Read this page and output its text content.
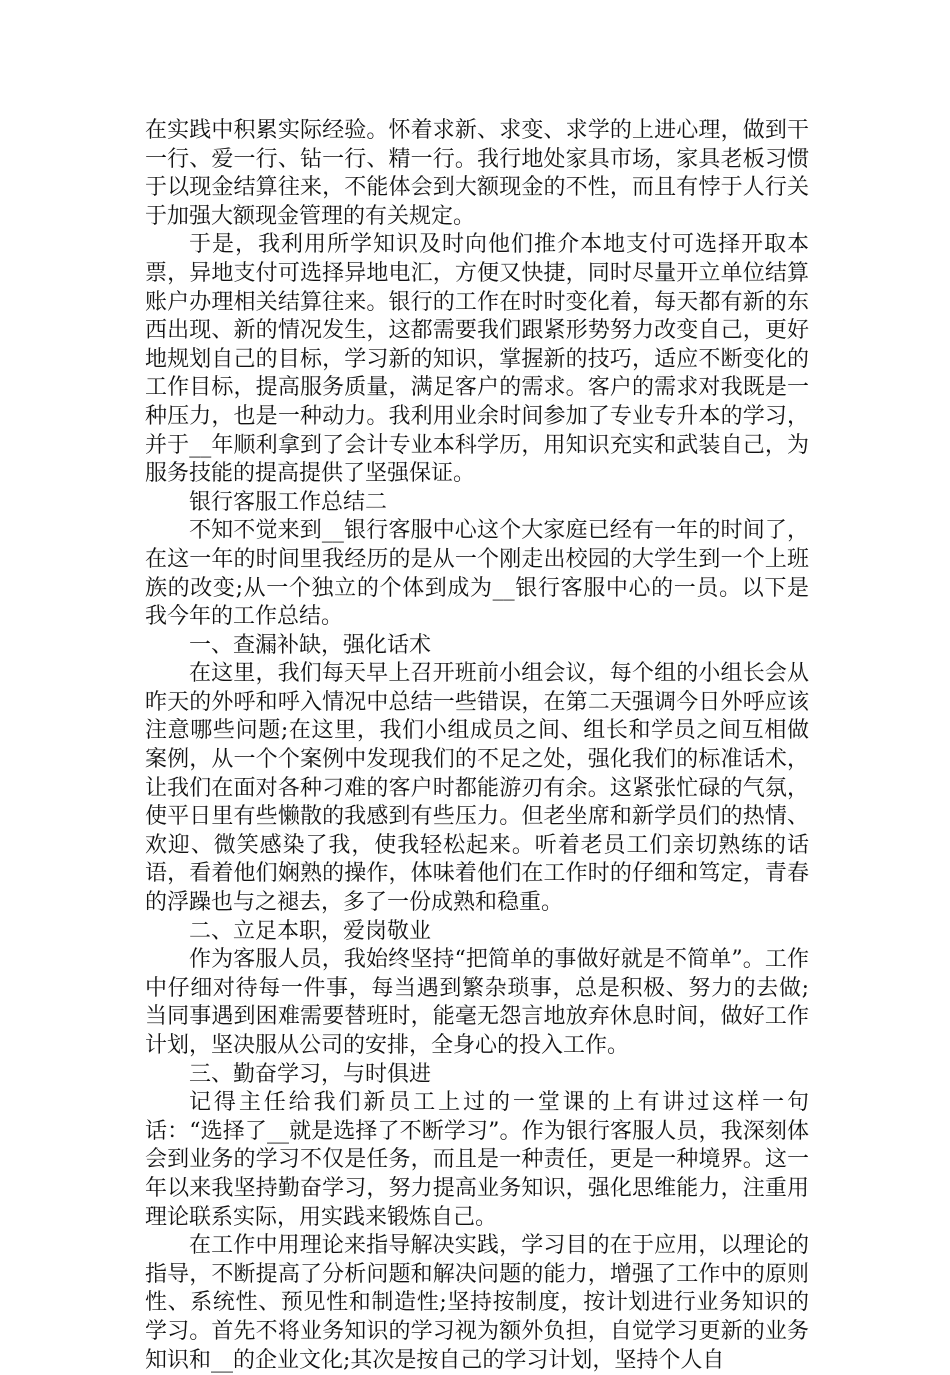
在实践中积累实际经验。怀着求新、求变、求学的上进心理，做到干一行、爱一行、钻一行、精一行。我行地处家具市场，家具老板习惯于以现金结算往来，不能体会到大额现金的不性，而且有悖于人行关于加强大额现金管理的有关规定。

于是，我利用所学知识及时向他们推介本地支付可选择开取本票，异地支付可选择异地电汇，方便又快捷，同时尽量开立单位结算账户办理相关结算往来。银行的工作在时时变化着，每天都有新的东西出现、新的情况发生，这都需要我们跟紧形势努力改变自己，更好地规划自己的目标，学习新的知识，掌握新的技巧，适应不断变化的工作目标，提高服务质量，满足客户的需求。客户的需求对我既是一种压力，也是一种动力。我利用业余时间参加了专业专升本的学习，并于__年顺利拿到了会计专业本科学历，用知识充实和武装自己，为服务技能的提高提供了坚强保证。

银行客服工作总结二

不知不觉来到__银行客服中心这个大家庭已经有一年的时间了，在这一年的时间里我经历的是从一个刚走出校园的大学生到一个上班族的改变;从一个独立的个体到成为__银行客服中心的一员。以下是我今年的工作总结。

一、查漏补缺，强化话术

在这里，我们每天早上召开班前小组会议，每个组的小组长会从昨天的外呼和呼入情况中总结一些错误，在第二天强调今日外呼应该注意哪些问题;在这里，我们小组成员之间、组长和学员之间互相做案例，从一个个案例中发现我们的不足之处，强化我们的标准话术，让我们在面对各种刁难的客户时都能游刃有余。这紧张忙碌的气氛，使平日里有些懒散的我感到有些压力。但老坐席和新学员们的热情、欢迎、微笑感染了我，使我轻松起来。听着老员工们亲切熟练的话语，看着他们娴熟的操作，体味着他们在工作时的仔细和笃定，青春的浮躁也与之褪去，多了一份成熟和稳重。

二、立足本职，爱岗敬业

作为客服人员，我始终坚持“把简单的事做好就是不简单”。工作中仔细对待每一件事，每当遇到繁杂琐事，总是积极、努力的去做;当同事遇到困难需要替班时，能毫无怨言地放弃休息时间，做好工作计划，坚决服从公司的安排，全身心的投入工作。

三、勤奋学习，与时俱进

记得主任给我们新员工上过的一堂课的上有讲过这样一句话：“选择了__就是选择了不断学习”。作为银行客服人员，我深刻体会到业务的学习不仅是任务，而且是一种责任，更是一种境界。这一年以来我坚持勤奋学习，努力提高业务知识，强化思维能力，注重用理论联系实际，用实践来锻炼自己。

在工作中用理论来指导解决实践，学习目的在于应用，以理论的指导，不断提高了分析问题和解决问题的能力，增强了工作中的原则性、系统性、预见性和制造性;坚持按制度，按计划进行业务知识的学习。首先不将业务知识的学习视为额外负担，自觉学习更新的业务知识和__的企业文化;其次是按自己的学习计划，坚持个人自
